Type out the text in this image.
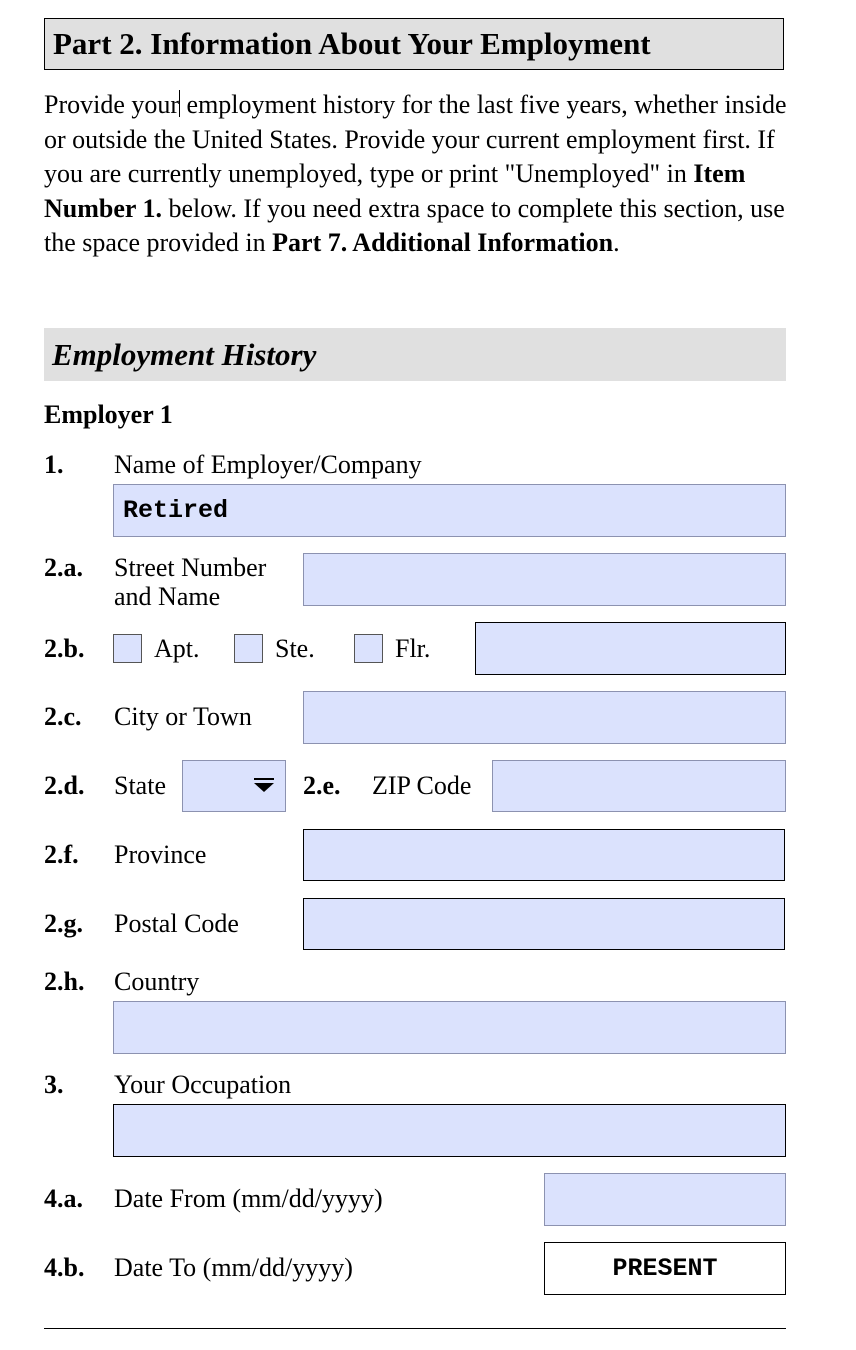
Part 2. Information About Your Employment
Provide your employment history for the last five years, whether inside or outside the United States. Provide your current employment first. If you are currently unemployed, type or print "Unemployed" in Item Number 1. below. If you need extra space to complete this section, use the space provided in Part 7. Additional Information.
Employment History
Employer 1
1. Name of Employer/Company
Retired
2.a. Street Number
and Name
2.b.	Apt.	Ste.	Flr.
2.c. City or Town
2.d. State	2.e. ZIP Code
2.f. Province
2.g. Postal Code
2.h. Country
3. Your Occupation
4.a. Date From (mm/dd/yyyy)
4.b. Date To (mm/dd/yyyy)	PRESENT
